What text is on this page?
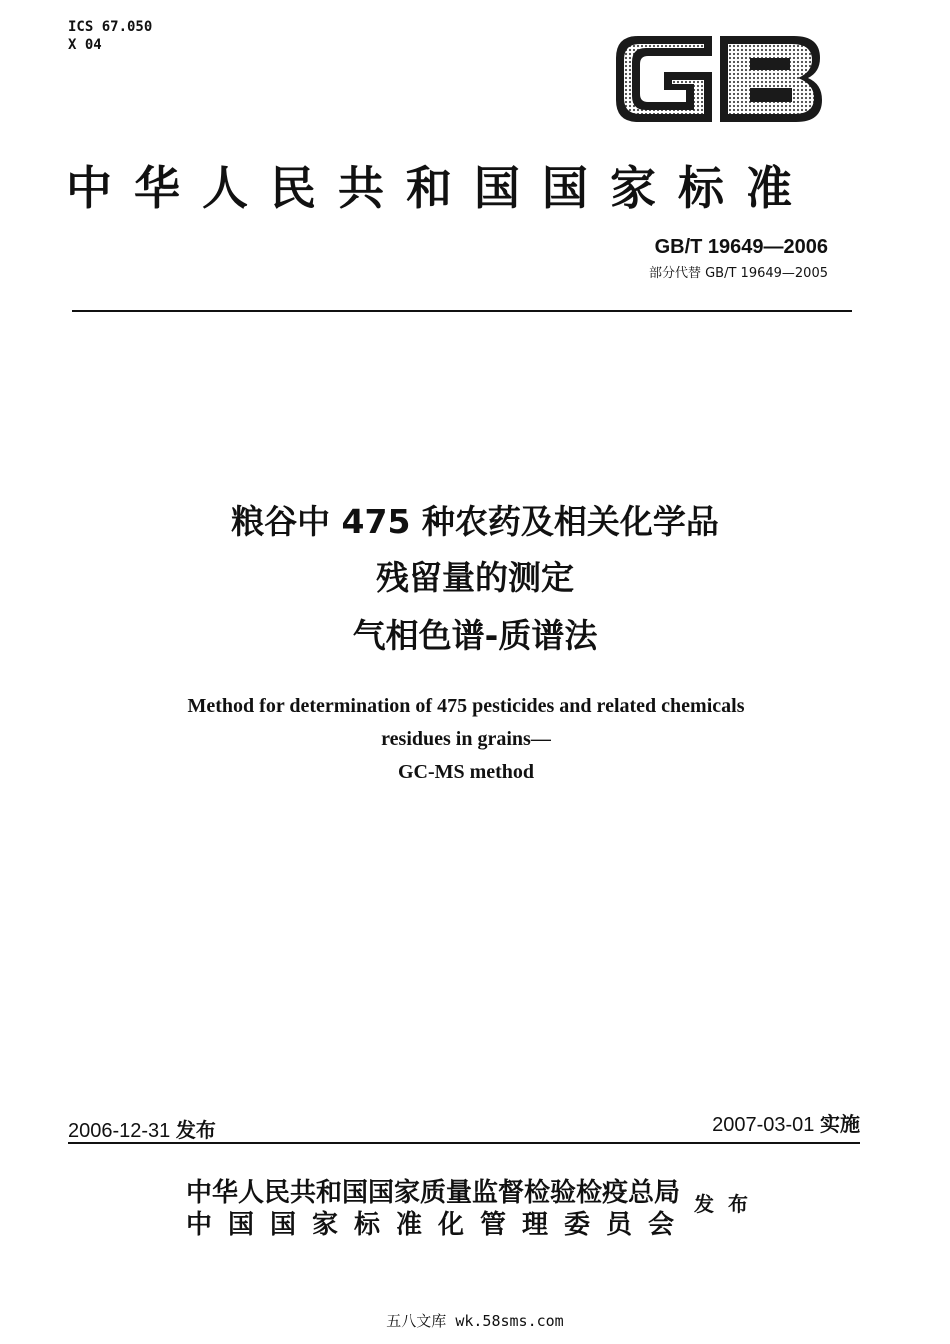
ICS 67.050
X 04
中华人民共和国国家标准
GB/T 19649—2006
部分代替 GB/T 19649—2005
粮谷中 475 种农药及相关化学品
残留量的测定
气相色谱-质谱法
Method for determination of 475 pesticides and related chemicals
residues in grains—
GC-MS method
2006-12-31 发布	2007-03-01 实施
中华人民共和国国家质量监督检验检疫总局
中国国家标准化管理委员会
发布
五八文库 wk.58sms.com
